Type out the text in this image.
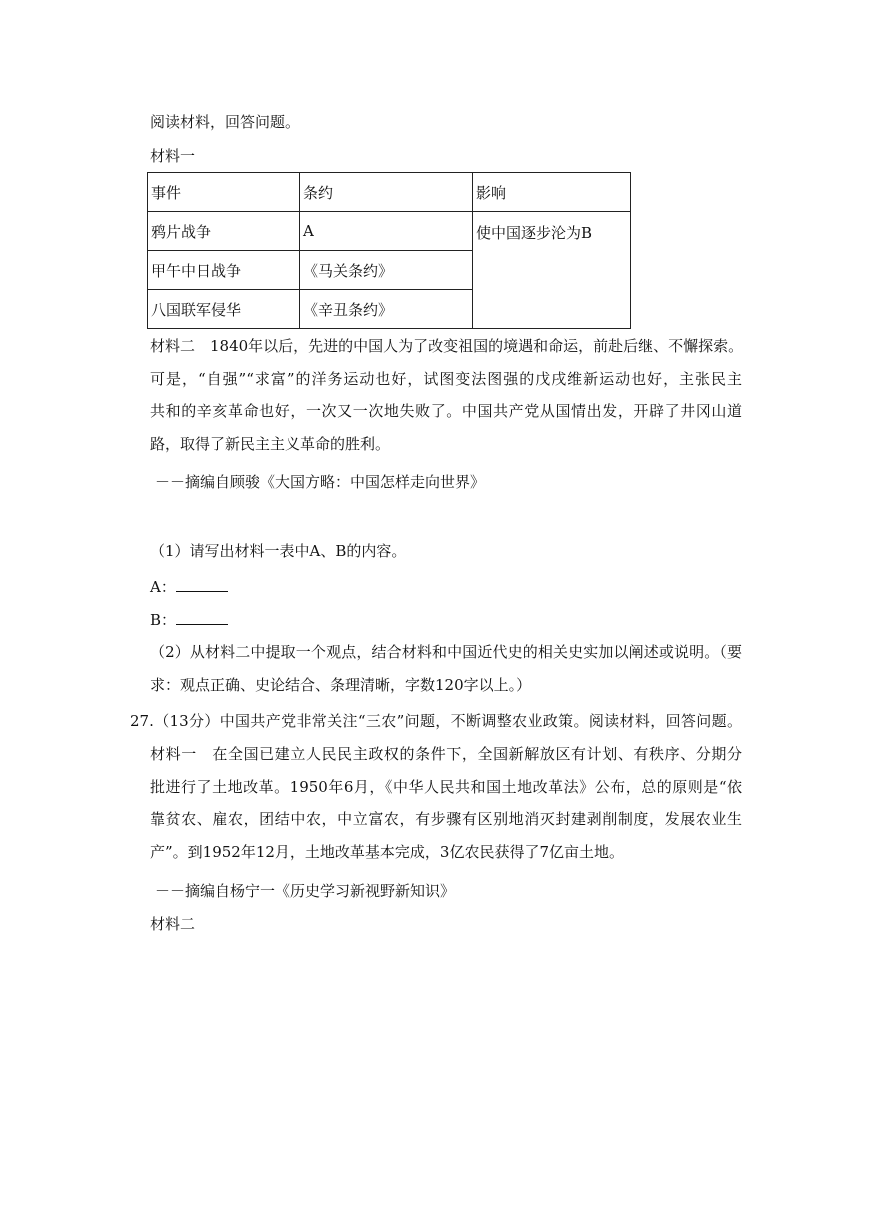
阅读材料，回答问题。
材料一
事件	条约	影响
鸦片战争	A	使中国逐步沦为B
甲午中日战争	《马关条约》	
八国联军侵华	《辛丑条约》	
材料二　1840年以后，先进的中国人为了改变祖国的境遇和命运，前赴后继、不懈探索。
可是，“自强”“求富”的洋务运动也好，试图变法图强的戊戌维新运动也好，主张民主
共和的辛亥革命也好，一次又一次地失败了。中国共产党从国情出发，开辟了井冈山道
路，取得了新民主主义革命的胜利。
－－摘编自顾骏《大国方略：中国怎样走向世界》
（1）请写出材料一表中A、B的内容。
A：
B：
（2）从材料二中提取一个观点，结合材料和中国近代史的相关史实加以阐述或说明。（要
求：观点正确、史论结合、条理清晰，字数120字以上。）
27.（13分）中国共产党非常关注“三农”问题，不断调整农业政策。阅读材料，回答问题。
材料一　在全国已建立人民民主政权的条件下，全国新解放区有计划、有秩序、分期分
批进行了土地改革。1950年6月，《中华人民共和国土地改革法》公布，总的原则是“依
靠贫农、雇农，团结中农，中立富农，有步骤有区别地消灭封建剥削制度，发展农业生
产”。到1952年12月，土地改革基本完成，3亿农民获得了7亿亩土地。
－－摘编自杨宁一《历史学习新视野新知识》
材料二
